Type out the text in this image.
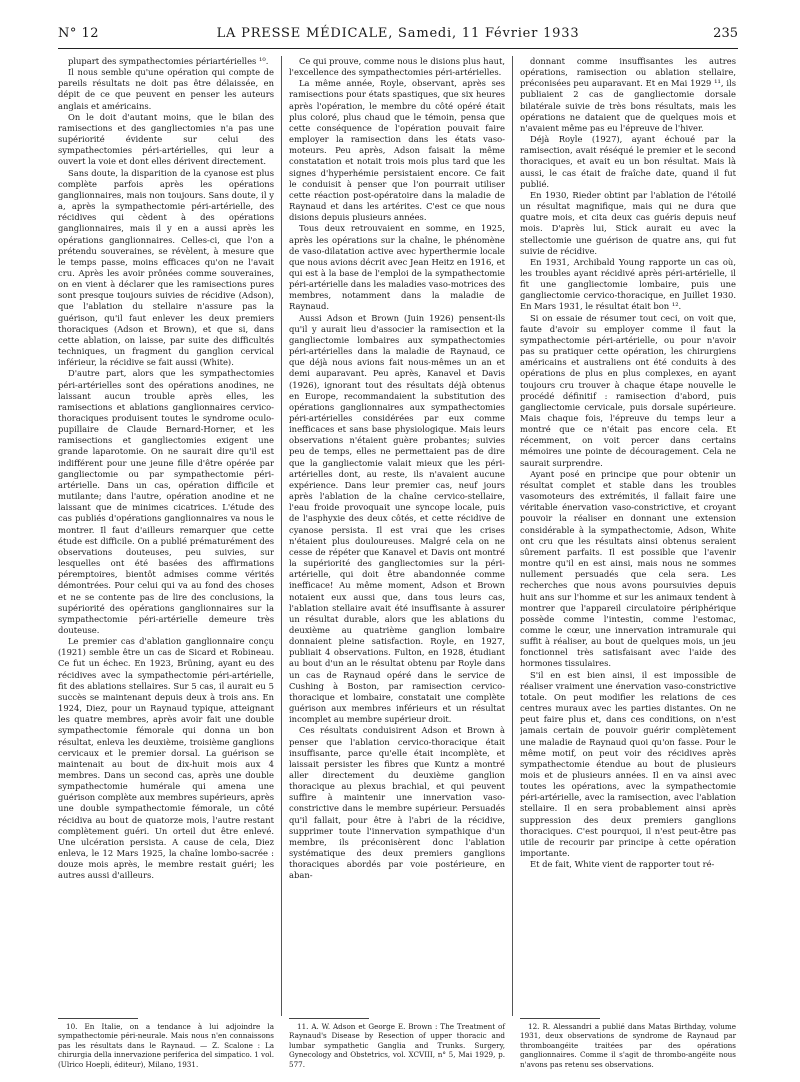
N° 12	LA PRESSE MÉDICALE, Samedi, 11 Février 1933	235

plupart des sympathectomies périartérielles ¹⁰.

Il nous semble qu'une opération qui compte de pareils résultats ne doit pas être délaissée, en dépit de ce que peuvent en penser les auteurs anglais et américains.

On le doit d'autant moins, que le bilan des ramisections et des gangliectomies n'a pas une supériorité évidente sur celui des sympathectomies péri-artérielles, qui leur a ouvert la voie et dont elles dérivent directement.

Sans doute, la disparition de la cyanose est plus complète parfois après les opérations ganglionnaires, mais non toujours. Sans doute, il y a, après la sympathectomie péri-artérielle, des récidives qui cèdent à des opérations ganglionnaires, mais il y en a aussi après les opérations ganglionnaires. Celles-ci, que l'on a prétendu souveraines, se révèlent, à mesure que le temps passe, moins efficaces qu'on ne l'avait cru. Après les avoir prônées comme souveraines, on en vient à déclarer que les ramisections pures sont presque toujours suivies de récidive (Adson), que l'ablation du stellaire n'assure pas la guérison, qu'il faut enlever les deux premiers thoraciques (Adson et Brown), et que si, dans cette ablation, on laisse, par suite des difficultés techniques, un fragment du ganglion cervical inférieur, la récidive se fait aussi (White).

D'autre part, alors que les sympathectomies péri-artérielles sont des opérations anodines, ne laissant aucun trouble après elles, les ramisections et ablations ganglionnaires cervico-thoraciques produisent toutes le syndrome oculo-pupillaire de Claude Bernard-Horner, et les ramisections et gangliectomies exigent une grande laparotomie. On ne saurait dire qu'il est indifférent pour une jeune fille d'être opérée par gangliectomie ou par sympathectomie péri-artérielle. Dans un cas, opération difficile et mutilante; dans l'autre, opération anodine et ne laissant que de minimes cicatrices. L'étude des cas publiés d'opérations ganglionnaires va nous le montrer. Il faut d'ailleurs remarquer que cette étude est difficile. On a publié prématurément des observations douteuses, peu suivies, sur lesquelles ont été basées des affirmations péremptoires, bientôt admises comme vérités démontrées. Pour celui qui va au fond des choses et ne se contente pas de lire des conclusions, la supériorité des opérations ganglionnaires sur la sympathectomie péri-artérielle demeure très douteuse.

Le premier cas d'ablation ganglionnaire conçu (1921) semble être un cas de Sicard et Robineau. Ce fut un échec. En 1923, Brüning, ayant eu des récidives avec la sympathectomie péri-artérielle, fit des ablations stellaires. Sur 5 cas, il aurait eu 5 succès se maintenant depuis deux à trois ans. En 1924, Diez, pour un Raynaud typique, atteignant les quatre membres, après avoir fait une double sympathectomie fémorale qui donna un bon résultat, enleva les deuxième, troisième ganglions cervicaux et le premier dorsal. La guérison se maintenait au bout de dix-huit mois aux 4 membres. Dans un second cas, après une double sympathectomie humérale qui amena une guérison complète aux membres supérieurs, après une double sympathectomie fémorale, un côté récidiva au bout de quatorze mois, l'autre restant complètement guéri. Un orteil dut être enlevé. Une ulcération persista. A cause de cela, Diez enleva, le 12 Mars 1925, la chaîne lombo-sacrée : douze mois après, le membre restait guéri; les autres aussi d'ailleurs.

Ce qui prouve, comme nous le disions plus haut, l'excellence des sympathectomies péri-artérielles.

La même année, Royle, observant, après ses ramisections pour états spastiques, que six heures après l'opération, le membre du côté opéré était plus coloré, plus chaud que le témoin, pensa que cette conséquence de l'opération pouvait faire employer la ramisection dans les états vaso-moteurs. Peu après, Adson faisait la même constatation et notait trois mois plus tard que les signes d'hyperhémie persistaient encore. Ce fait le conduisit à penser que l'on pourrait utiliser cette réaction post-opératoire dans la maladie de Raynaud et dans les artérites. C'est ce que nous disions depuis plusieurs années.

Tous deux retrouvaient en somme, en 1925, après les opérations sur la chaîne, le phénomène de vaso-dilatation active avec hyperthermie locale que nous avions décrit avec Jean Heitz en 1916, et qui est à la base de l'emploi de la sympathectomie péri-artérielle dans les maladies vaso-motrices des membres, notamment dans la maladie de Raynaud.

Aussi Adson et Brown (Juin 1926) pensent-ils qu'il y aurait lieu d'associer la ramisection et la gangliectomie lombaires aux sympathectomies péri-artérielles dans la maladie de Raynaud, ce que déjà nous avions fait nous-mêmes un an et demi auparavant. Peu après, Kanavel et Davis (1926), ignorant tout des résultats déjà obtenus en Europe, recommandaient la substitution des opérations ganglionnaires aux sympathectomies péri-artérielles considérées par eux comme inefficaces et sans base physiologique. Mais leurs observations n'étaient guère probantes; suivies peu de temps, elles ne permettaient pas de dire que la gangliectomie valait mieux que les péri-artérielles dont, au reste, ils n'avaient aucune expérience. Dans leur premier cas, neuf jours après l'ablation de la chaîne cervico-stellaire, l'eau froide provoquait une syncope locale, puis de l'asphyxie des deux côtés, et cette récidive de cyanose persista. Il est vrai que les crises n'étaient plus douloureuses. Malgré cela on ne cesse de répéter que Kanavel et Davis ont montré la supériorité des gangliectomies sur la péri-artérielle, qui doit être abandonnée comme inefficace! Au même moment, Adson et Brown notaient eux aussi que, dans tous leurs cas, l'ablation stellaire avait été insuffisante à assurer un résultat durable, alors que les ablations du deuxième au quatrième ganglion lombaire donnaient pleine satisfaction. Royle, en 1927, publiait 4 observations. Fulton, en 1928, étudiant au bout d'un an le résultat obtenu par Royle dans un cas de Raynaud opéré dans le service de Cushing à Boston, par ramisection cervico-thoracique et lombaire, constatait une complète guérison aux membres inférieurs et un résultat incomplet au membre supérieur droit.

Ces résultats conduisirent Adson et Brown à penser que l'ablation cervico-thoracique était insuffisante, parce qu'elle était incomplète, et laissait persister les fibres que Kuntz a montré aller directement du deuxième ganglion thoracique au plexus brachial, et qui peuvent suffire à maintenir une innervation vaso-constrictive dans le membre supérieur. Persuadés qu'il fallait, pour être à l'abri de la récidive, supprimer toute l'innervation sympathique d'un membre, ils préconisèrent donc l'ablation systématique des deux premiers ganglions thoraciques abordés par voie postérieure, en aban-

donnant comme insuffisantes les autres opérations, ramisection ou ablation stellaire, préconisées peu auparavant. Et en Mai 1929 ¹¹, ils publiaient 2 cas de gangliectomie dorsale bilatérale suivie de très bons résultats, mais les opérations ne dataient que de quelques mois et n'avaient même pas eu l'épreuve de l'hiver.

Déjà Royle (1927), ayant échoué par la ramisection, avait réséqué le premier et le second thoraciques, et avait eu un bon résultat. Mais là aussi, le cas était de fraîche date, quand il fut publié.

En 1930, Rieder obtint par l'ablation de l'étoilé un résultat magnifique, mais qui ne dura que quatre mois, et cita deux cas guéris depuis neuf mois. D'après lui, Stick aurait eu avec la stellectomie une guérison de quatre ans, qui fut suivie de récidive.

En 1931, Archibald Young rapporte un cas où, les troubles ayant récidivé après péri-artérielle, il fit une gangliectomie lombaire, puis une gangliectomie cervico-thoracique, en Juillet 1930. En Mars 1931, le résultat était bon ¹².

Si on essaie de résumer tout ceci, on voit que, faute d'avoir su employer comme il faut la sympathectomie péri-artérielle, ou pour n'avoir pas su pratiquer cette opération, les chirurgiens américains et australiens ont été conduits à des opérations de plus en plus complexes, en ayant toujours cru trouver à chaque étape nouvelle le procédé définitif : ramisection d'abord, puis gangliectomie cervicale, puis dorsale supérieure. Mais chaque fois, l'épreuve du temps leur a montré que ce n'était pas encore cela. Et récemment, on voit percer dans certains mémoires une pointe de découragement. Cela ne saurait surprendre.

Ayant posé en principe que pour obtenir un résultat complet et stable dans les troubles vasomoteurs des extrémités, il fallait faire une véritable énervation vaso-constrictive, et croyant pouvoir la réaliser en donnant une extension considérable à la sympathectomie, Adson, White ont cru que les résultats ainsi obtenus seraient sûrement parfaits. Il est possible que l'avenir montre qu'il en est ainsi, mais nous ne sommes nullement persuadés que cela sera. Les recherches que nous avons poursuivies depuis huit ans sur l'homme et sur les animaux tendent à montrer que l'appareil circulatoire périphérique possède comme l'intestin, comme l'estomac, comme le cœur, une innervation intramurale qui suffit à réaliser, au bout de quelques mois, un jeu fonctionnel très satisfaisant avec l'aide des hormones tissulaires.

S'il en est bien ainsi, il est impossible de réaliser vraiment une énervation vaso-constrictive totale. On peut modifier les relations de ces centres muraux avec les parties distantes. On ne peut faire plus et, dans ces conditions, on n'est jamais certain de pouvoir guérir complètement une maladie de Raynaud quoi qu'on fasse. Pour le même motif, on peut voir des récidives après sympathectomie étendue au bout de plusieurs mois et de plusieurs années. Il en va ainsi avec toutes les opérations, avec la sympathectomie péri-artérielle, avec la ramisection, avec l'ablation stellaire. Il en sera probablement ainsi après suppression des deux premiers ganglions thoraciques. C'est pourquoi, il n'est peut-être pas utile de recourir par principe à cette opération importante.

Et de fait, White vient de rapporter tout ré-

10. En Italie, on a tendance à lui adjoindre la sympathectomie péri-neurale. Mais nous n'en connaissons pas les résultats dans le Raynaud. — Z. Scalone : La chirurgia della innervazione periferica del simpatico. 1 vol. (Ulrico Hoepli, éditeur), Milano, 1931.

11. A. W. Adson et George E. Brown : The Treatment of Raynaud's Disease by Resection of upper thoracic and lumbar sympathetic Ganglia and Trunks. Surgery, Gynecology and Obstetrics, vol. XCVIII, n° 5, Mai 1929, p. 577.

12. R. Alessandri a publié dans Matas Birthday, volume 1931, deux observations de syndrome de Raynaud par thromboangéite traitées par des opérations ganglionnaires. Comme il s'agit de thrombo-angéite nous n'avons pas retenu ses observations.
